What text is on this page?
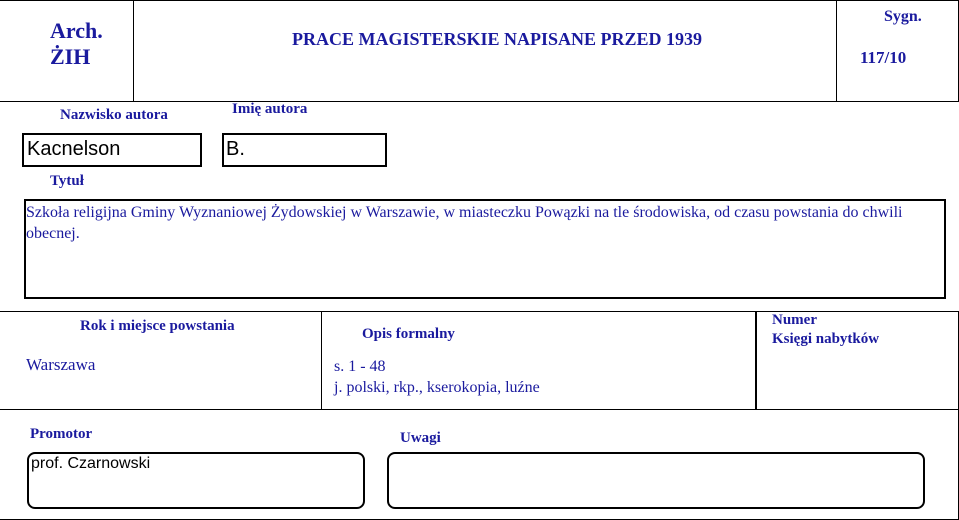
Arch.
ŻIH
PRACE MAGISTERSKIE NAPISANE PRZED 1939
Sygn.
117/10
Nazwisko autora	Imię autora
Kacnelson	B.
Tytuł
Szkoła religijna Gminy Wyznaniowej Żydowskiej w Warszawie, w miasteczku Powązki na tle środowiska, od czasu powstania do chwili obecnej.
Rok i miejsce powstania
Warszawa
Opis formalny
s. 1 - 48
j. polski, rkp., kserokopia, luźne
Numer
Księgi nabytków
Promotor
prof. Czarnowski
Uwagi
